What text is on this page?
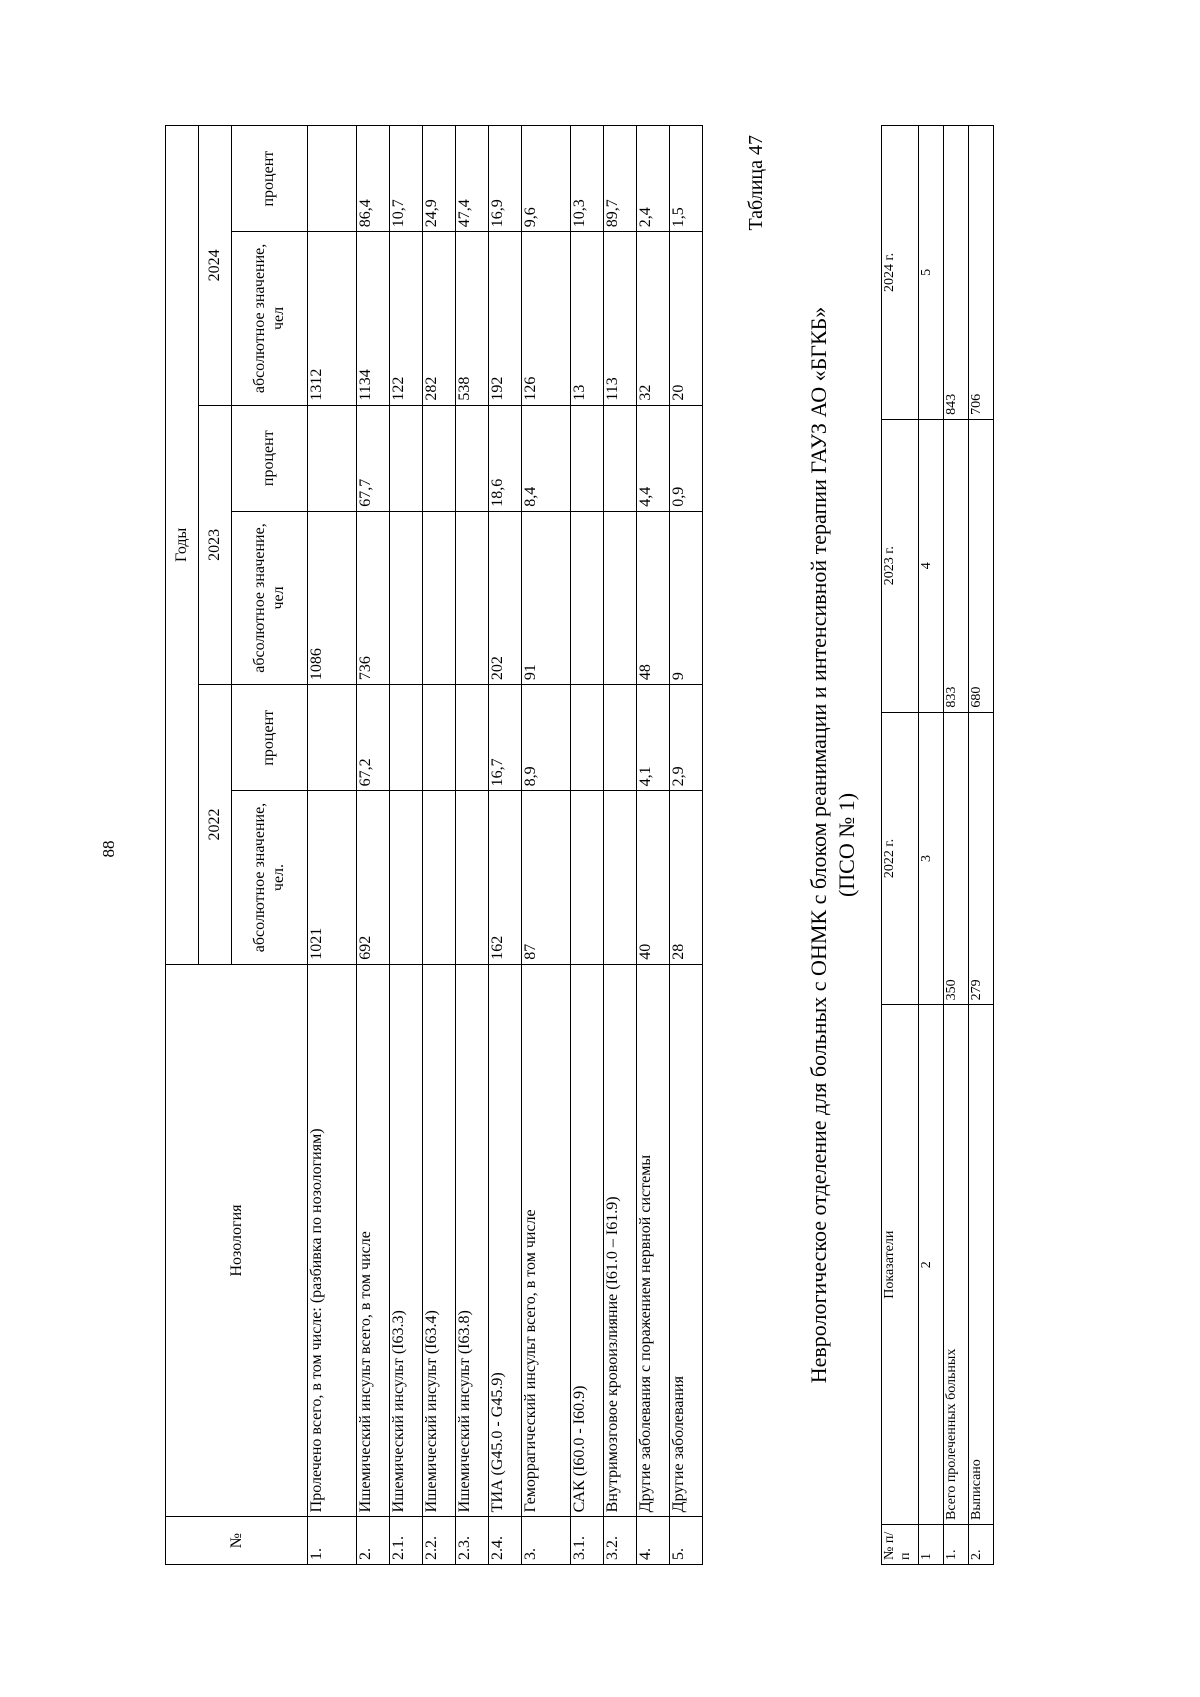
88
№	Нозология	Годы					
		2022		2023		2024	
		абсолютное значение, чел.	процент	абсолютное значение, чел	процент	абсолютное значение, чел	процент
1.	Пролечено всего, в том числе: (разбивка по нозологиям)	1021		1086		1312	
2.	Ишемический инсульт всего, в том числе	692	67,2	736	67,7	1134	86,4
2.1.	Ишемический инсульт (I63.3)					122	10,7
2.2.	Ишемический инсульт (I63.4)					282	24,9
2.3.	Ишемический инсульт (I63.8)					538	47,4
2.4.	ТИА (G45.0 - G45.9)	162	16,7	202	18,6	192	16,9
3.	Геморрагический инсульт всего, в том числе	87	8,9	91	8,4	126	9,6
3.1.	САК (I60.0 - I60.9)					13	10,3
3.2.	Внутримозговое кровоизлияние (I61.0 – I61.9)					113	89,7
4.	Другие заболевания с поражением нервной системы	40	4,1	48	4,4	32	2,4
5.	Другие заболевания	28	2,9	9	0,9	20	1,5	Таблица 47
Неврологическое отделение для больных с ОНМК с блоком реанимации и интенсивной терапии ГАУЗ АО «БГКБ» (ПСО № 1)
№ п/п	Показатели	2022 г.	2023 г.	2024 г.
1	2	3	4	5
1.	Всего пролеченных больных	350	833	843
2.	Выписано	279	680	706
